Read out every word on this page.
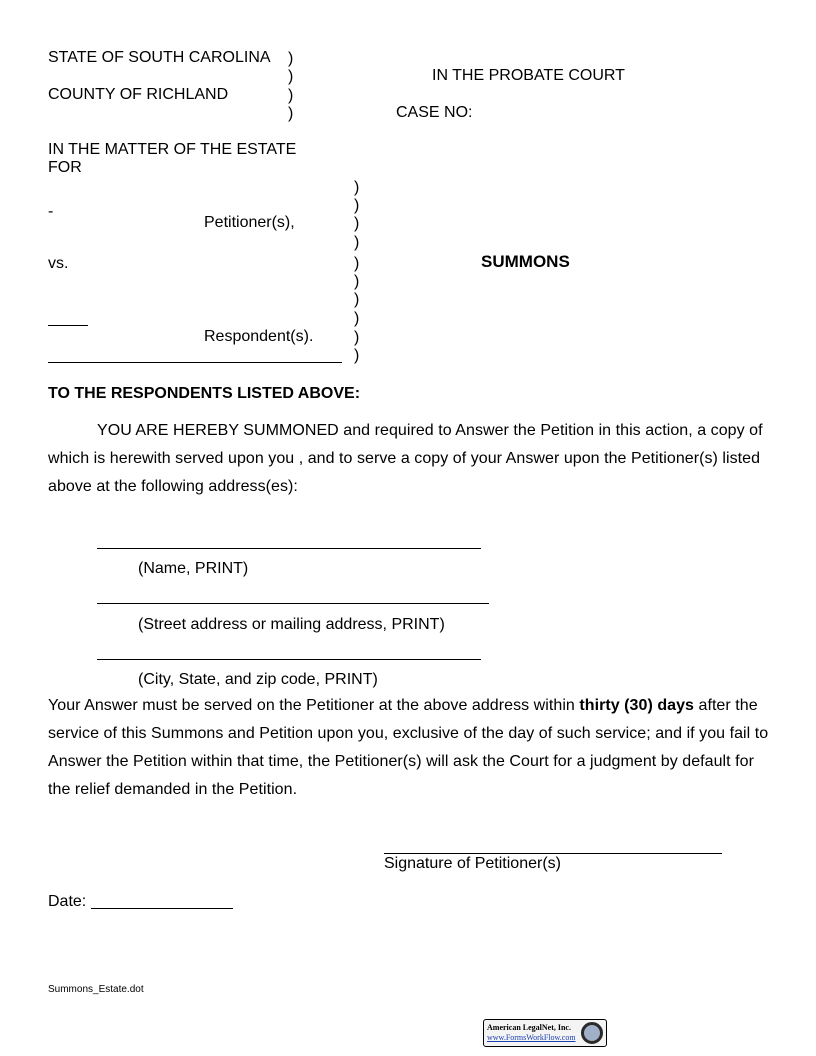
STATE OF SOUTH CAROLINA
COUNTY OF RICHLAND
)
)
)
)
IN THE PROBATE COURT
CASE NO:
IN THE MATTER OF THE ESTATE
FOR
-
Petitioner(s),
vs.
Respondent(s).
)
)
)
)
)
)
)
)
)
)
SUMMONS
TO THE RESPONDENTS LISTED ABOVE:
YOU ARE HEREBY SUMMONED and required to Answer the Petition in this action, a copy of which is herewith served upon you , and to serve a copy of your Answer upon the Petitioner(s) listed above at the following address(es):
(Name, PRINT)
(Street address or mailing address, PRINT)
(City, State, and zip code, PRINT)
Your Answer must be served on the Petitioner at the above address within thirty (30) days after the service of this Summons and Petition upon you, exclusive of the day of such service; and if you fail to Answer the Petition within that time, the Petitioner(s) will ask the Court for a judgment by default for the relief demanded in the Petition.
Signature of Petitioner(s)
Date:
Summons_Estate.dot
American LegalNet, Inc.
www.FormsWorkFlow.com
